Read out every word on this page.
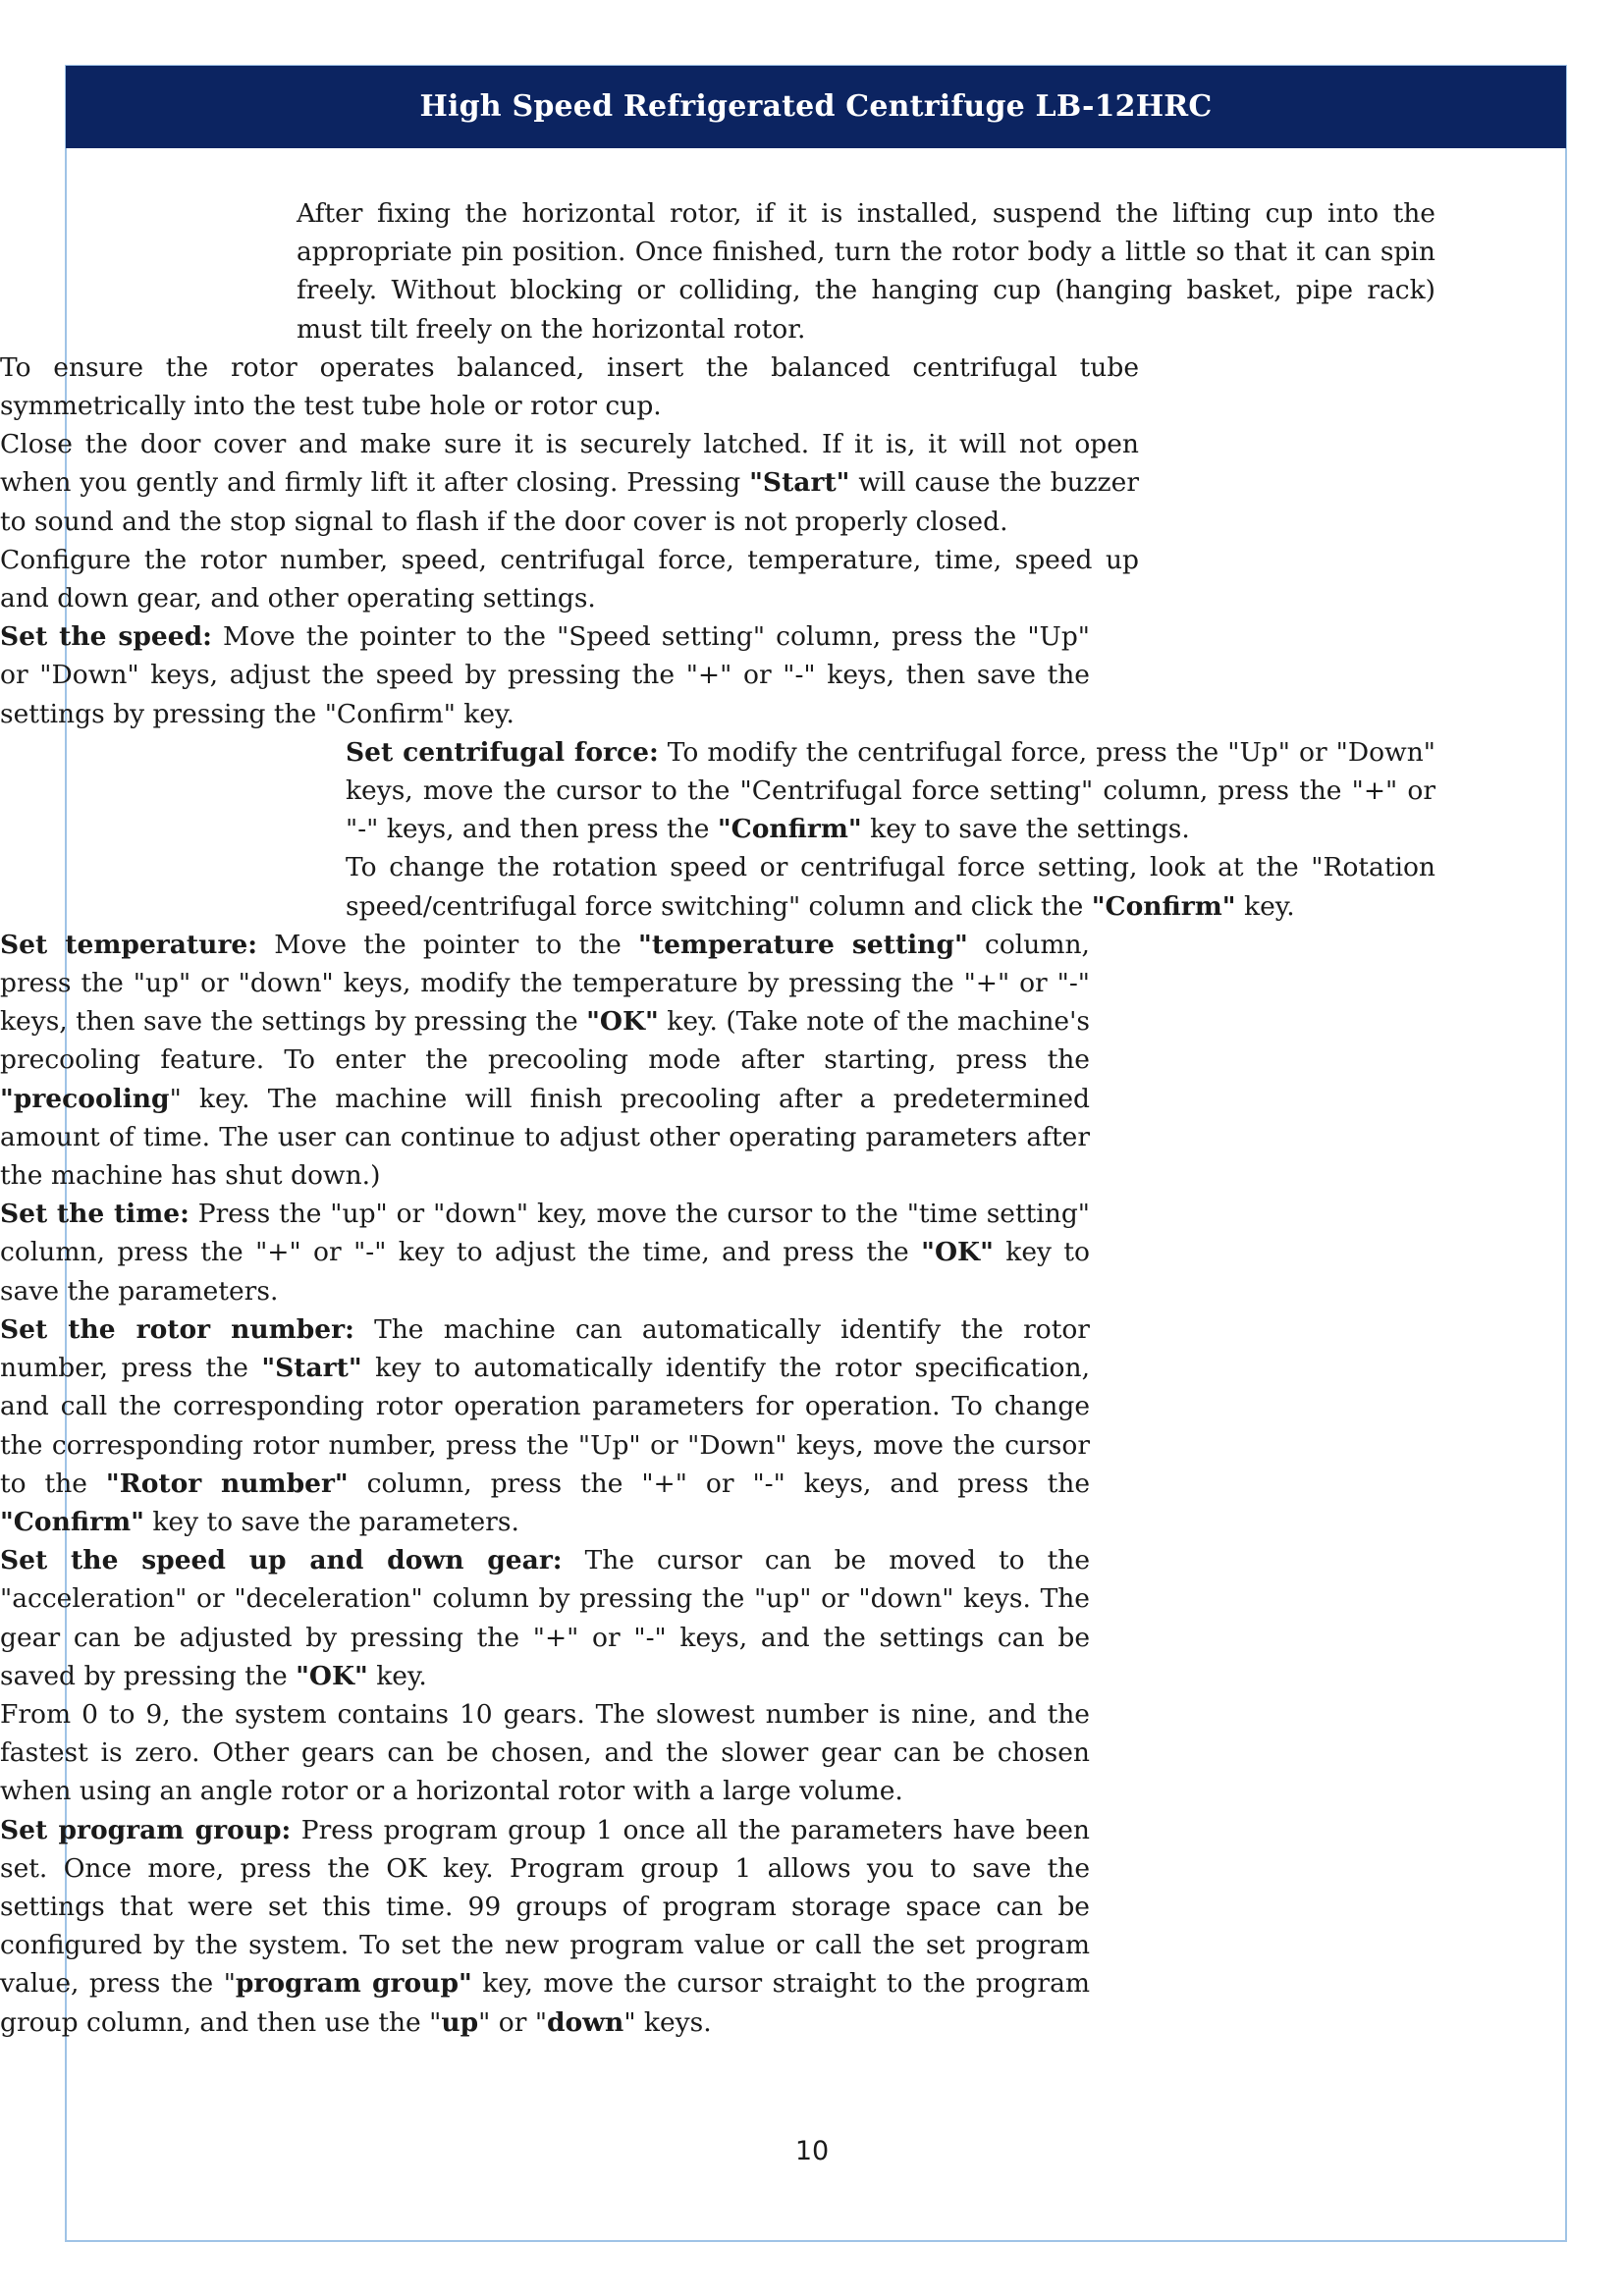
High Speed Refrigerated Centrifuge LB-12HRC

After fixing the horizontal rotor, if it is installed, suspend the lifting cup into the appropriate pin position. Once finished, turn the rotor body a little so that it can spin freely. Without blocking or colliding, the hanging cup (hanging basket, pipe rack) must tilt freely on the horizontal rotor.

To ensure the rotor operates balanced, insert the balanced centrifugal tube symmetrically into the test tube hole or rotor cup.

Close the door cover and make sure it is securely latched. If it is, it will not open when you gently and firmly lift it after closing. Pressing "Start" will cause the buzzer to sound and the stop signal to flash if the door cover is not properly closed.

Configure the rotor number, speed, centrifugal force, temperature, time, speed up and down gear, and other operating settings.

Set the speed: Move the pointer to the "Speed setting" column, press the "Up" or "Down" keys, adjust the speed by pressing the "+" or "-" keys, then save the settings by pressing the "Confirm" key.

Set centrifugal force: To modify the centrifugal force, press the "Up" or "Down" keys, move the cursor to the "Centrifugal force setting" column, press the "+" or "-" keys, and then press the "Confirm" key to save the settings.

To change the rotation speed or centrifugal force setting, look at the "Rotation speed/centrifugal force switching" column and click the "Confirm" key.

Set temperature: Move the pointer to the "temperature setting" column, press the "up" or "down" keys, modify the temperature by pressing the "+" or "-" keys, then save the settings by pressing the "OK" key. (Take note of the machine's precooling feature. To enter the precooling mode after starting, press the "precooling" key. The machine will finish precooling after a predetermined amount of time. The user can continue to adjust other operating parameters after the machine has shut down.)

Set the time: Press the "up" or "down" key, move the cursor to the "time setting" column, press the "+" or "-" key to adjust the time, and press the "OK" key to save the parameters.

Set the rotor number: The machine can automatically identify the rotor number, press the "Start" key to automatically identify the rotor specification, and call the corresponding rotor operation parameters for operation. To change the corresponding rotor number, press the "Up" or "Down" keys, move the cursor to the "Rotor number" column, press the "+" or "-" keys, and press the "Confirm" key to save the parameters.

Set the speed up and down gear: The cursor can be moved to the "acceleration" or "deceleration" column by pressing the "up" or "down" keys. The gear can be adjusted by pressing the "+" or "-" keys, and the settings can be saved by pressing the "OK" key.

From 0 to 9, the system contains 10 gears. The slowest number is nine, and the fastest is zero. Other gears can be chosen, and the slower gear can be chosen when using an angle rotor or a horizontal rotor with a large volume.

Set program group: Press program group 1 once all the parameters have been set. Once more, press the OK key. Program group 1 allows you to save the settings that were set this time. 99 groups of program storage space can be configured by the system. To set the new program value or call the set program value, press the "program group" key, move the cursor straight to the program group column, and then use the "up" or "down" keys.

10
